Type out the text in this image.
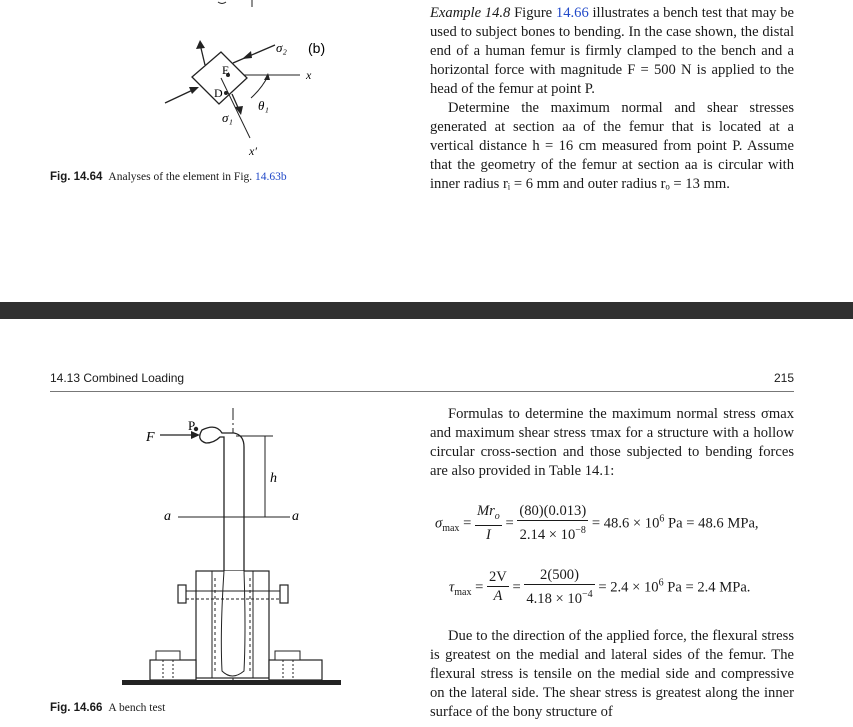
σ₂ (b)
x
E
D
θ₁
σ₁
x′
Fig. 14.64 Analyses of the element in Fig. 14.63b
Example 14.8 Figure 14.66 illustrates a bench test that may be used to subject bones to bending. In the case shown, the distal end of a human femur is firmly clamped to the bench and a horizontal force with magnitude F = 500 N is applied to the head of the femur at point P.
Determine the maximum normal and shear stresses generated at section aa of the femur that is located at a vertical distance h = 16 cm measured from point P. Assume that the geometry of the femur at section aa is circular with inner radius rᵢ = 6 mm and outer radius rₒ = 13 mm.
14.13 Combined Loading	215
F
P
h
a	a
Fig. 14.66 A bench test
Formulas to determine the maximum normal stress σmax and maximum shear stress τmax for a structure with a hollow circular cross-section and those subjected to bending forces are also provided in Table 14.1:
$\sigma_{max} = \frac{Mr_o}{I} = \frac{(80)(0.013)}{2.14 \times 10^{-8}} = 48.6 \times 10^6$ Pa = 48.6 MPa,
$\tau_{max} = \frac{2V}{A} = \frac{2(500)}{4.18 \times 10^{-4}} = 2.4 \times 10^6$ Pa = 2.4 MPa.
Due to the direction of the applied force, the flexural stress is greatest on the medial and lateral sides of the femur. The flexural stress is tensile on the medial side and compressive on the lateral side. The shear stress is greatest along the inner surface of the bony structure of
